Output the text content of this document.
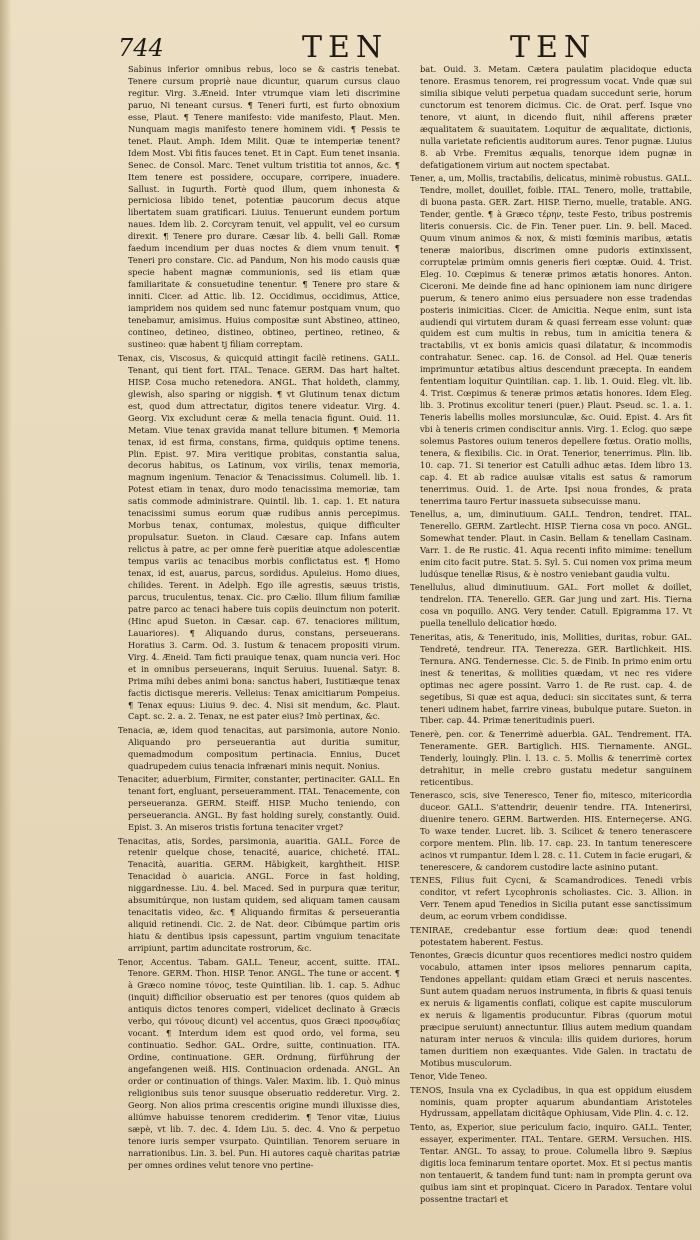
744	TEN	TEN

Sabinus inferior omnibus rebus, loco se & castris tenebat. Tenere cursum propriè naue dicuntur, quarum cursus clauo regitur. Virg. 3.Æneid. Inter vtrumque viam leti discrimine paruo, Ni teneant cursus. ¶ Teneri furti, est furto obnoxium esse, Plaut. ¶ Tenere manifesto: vide manifesto, Plaut. Men. Nunquam magis manifesto tenere hominem vidi. ¶ Pessis te tenet. Plaut. Amph. Idem Milit. Quæ te intemperiæ tenent? Idem Most. Vbi fitis fauces tenet. Et in Capt. Eum tenet insania. Senec. de Consol. Marc. Tenet vultum tristitia tot annos, &c. ¶ Item tenere est possidere, occupare, corripere, inuadere. Sallust. in Iugurth. Fortè quod illum, quem inhonesta & perniciosa libido tenet, potentiæ paucorum decus atque libertatem suam gratificari. Liuius. Tenuerunt eundem portum naues. Idem lib. 2. Corcyram tenuit, vel appulit, vel eo cursum direxit. ¶ Tenere pro durare. Cæsar lib. 4. belli Gall. Romæ faedum incendium per duas noctes & diem vnum tenuit. ¶ Teneri pro constare. Cic. ad Pandum, Non his modo causis quæ specie habent magnæ communionis, sed iis etiam quæ familiaritate & consuetudine tenentur. ¶ Tenere pro stare & inniti. Cicer. ad Attic. lib. 12. Occidimus, occidimus, Attice, iampridem nos quidem sed nunc fatemur postquam vnum, quo tenebamur, amisimus. Huius compositæ sunt Abstineo, attineo, contineo, detineo, distineo, obtineo, pertineo, retineo, & sustineo: quæ habent tj filiam correptam.

Tenax, cis, Viscosus, & quicquid attingit facilè retinens. GALL. Tenant, qui tient fort. ITAL. Tenace. GERM. Das hart haltet. HISP. Cosa mucho retenedora. ANGL. That holdeth, clammy, glewish, also sparing or niggish. ¶ vt Glutinum tenax dictum est, quod dum attrectatur, digitos tenere videatur. Virg. 4. Georg. Vix excludunt ceræ & mella tenacia figunt. Ouid. 11. Metam. Viue tenax gravida manat tellure bitumen. ¶ Memoria tenax, id est firma, constans, firma, quidquis optime tenens. Plin. Epist. 97. Mira veritique probitas, constantia salua, decorus habitus, os Latinum, vox virilis, tenax memoria, magnum ingenium. Tenacior & Tenacissimus. Columell. lib. 1. Potest etiam in tenax, duro modo tenacissima memoriæ, tam satis commode administrare. Quintil. lib. 1. cap. 1. Et natura tenacissimi sumus eorum quæ rudibus annis percepimus. Morbus tenax, contumax, molestus, quique difficulter propulsatur. Sueton. in Claud. Cæsare cap. Infans autem relictus à patre, ac per omne ferè pueritiæ atque adolescentiæ tempus variis ac tenacibus morbis conflictatus est. ¶ Homo tenax, id est, auarus, parcus, sordidus. Apuleius. Homo diues, chilides. Terent. in Adelph. Ego ille agrestis, sæuus tristis, parcus, truculentus, tenax. Cic. pro Cælio. Illum filium familiæ patre parco ac tenaci habere tuis copiis deuinctum non poterit. (Hinc apud Sueton. in Cæsar. cap. 67. tenaciores militum, Lauariores). ¶ Aliquando durus, constans, perseuerans. Horatius 3. Carm. Od. 3. Iustum & tenacem propositi virum. Virg. 4. Æneid. Tam ficti prauique tenax, quam nuncia veri. Hoc et in omnibus perseuerans, inquit Seruius. Iuuenal. Satyr. 8. Prima mihi debes animi bona: sanctus haberi, Iustitiæque tenax factis dictisque mereris. Velleius: Tenax amicitiarum Pompeius. ¶ Tenax equus: Liuius 9. dec. 4. Nisi sit mendum, &c. Plaut. Capt. sc. 2. a. 2. Tenax, ne est pater eius? Imò pertinax, &c.

Tenacia, æ, idem quod tenacitas, aut parsimonia, autore Nonio. Aliquando pro perseuerantia aut duritia sumitur, quemadmodum compositum pertinacia. Ennius, Ducet quadrupedem cuius tenacia infrænari minis nequit. Nonius.

Tenaciter, aduerbium, Firmiter, constanter, pertinaciter. GALL. En tenant fort, engluant, perseueramment. ITAL. Tenacemente, con perseueranza. GERM. Steiff. HISP. Mucho teniendo, con perseuerancia. ANGL. By fast holding surely, constantly. Ouid. Epist. 3. An miseros tristis fortuna tenaciter vrget?

Tenacitas, atis, Sordes, parsimonia, auaritia. GALL. Force de retenir quelque chose, tenacité, auarice, chicheté. ITAL. Tenacità, auaritia. GERM. Häbigkeit, karghtheit. HISP. Tenacidad ò auaricia. ANGL. Force in fast holding, niggardnesse. Liu. 4. bel. Maced. Sed in purpura quæ teritur, absumitúrque, non iustam quidem, sed aliquam tamen causam tenacitatis video, &c. ¶ Aliquando firmitas & perseuerantia aliquid retinendi. Cic. 2. de Nat. deor. Cibúmque partim oris hiatu & dentibus ipsis capessunt, partim vnguium tenacitate arripiunt, partim aduncitate rostrorum, &c.

Tenor, Accentus. Tabam. GALL. Teneur, accent, suitte. ITAL. Tenore. GERM. Thon. HISP. Tenor. ANGL. The tune or accent. ¶ à Græco nomine τόνος, teste Quintilian. lib. 1. cap. 5. Adhuc (inquit) difficilior obseruatio est per tenores (quos quidem ab antiquis dictos tenores comperi, videlicet declinato à Græcis verbo, qui τόνους dicunt) vel accentus, quos Græci προσῳδίας vocant. ¶ Interdum idem est quod ordo, vel forma, seu continuatio. Sedhor. GAL. Ordre, suitte, continuation. ITA. Ordine, continuatione. GER. Ordnung, fürführung der angefangenen weiß. HIS. Continuacion ordenada. ANGL. An order or continuation of things. Valer. Maxim. lib. 1. Quò minus religionibus suis tenor suusque obseruatio redderetur. Virg. 2. Georg. Non alios prima crescentis origine mundi illuxisse dies, aliúmve habuisse tenorem crediderim. ¶ Tenor vitæ, Liuius sæpè, vt lib. 7. dec. 4. Idem Liu. 5. dec. 4. Vno & perpetuo tenore iuris semper vsurpato. Quintilian. Tenorem seruare in narrationibus. Lin. 3. bel. Pun. Hi autores caquè charitas patriæ per omnes ordines velut tenore vno pertine-

bat. Ouid. 3. Metam. Cætera paulatim placidoque educta tenore. Erasmus tenorem, rei progressum vocat. Vnde quæ sui similia sibique veluti perpetua quadam succedunt serie, horum cunctorum est tenorem dicimus. Cic. de Orat. perf. Isque vno tenore, vt aiunt, in dicendo fluit, nihil afferens præter æqualitatem & suauitatem. Loquitur de æqualitate, dictionis, nulla varietate reficientis auditorum aures. Tenor pugnæ. Liuius 8. ab Vrbe. Fremitus æqualis, tenorque idem pugnæ in defatigationem virium aut noctem spectabat.

Tener, a, um, Mollis, tractabilis, delicatus, minimè robustus. GALL. Tendre, mollet, douillet, foible. ITAL. Tenero, molle, trattabile, di buona pasta. GER. Zart. HISP. Tierno, muelle, tratable. ANG. Tender, gentle. ¶ à Græco τέρην, teste Festo, tribus postremis literis conuersis. Cic. de Fin. Tener puer. Lin. 9. bell. Maced. Quum vinum animos & nox, & misti fœminis maribus, ætatis teneræ maioribus, discrimen omne pudoris extinxissent, corruptelæ primùm omnis generis fieri cœptæ. Ouid. 4. Trist. Eleg. 10. Cœpimus & teneræ primos ætatis honores. Anton. Ciceroni. Me deinde fine ad hanc opinionem iam nunc dirigere puerum, & tenero animo eius persuadere non esse tradendas posteris inimicitias. Cicer. de Amicitia. Neque enim, sunt ista audiendi qui virtutem duram & quasi ferream esse volunt: quæ quidem est cum multis in rebus, tum in amicitia tenera & tractabilis, vt ex bonis amicis quasi dilatatur, & incommodis contrahatur. Senec. cap. 16. de Consol. ad Hel. Quæ teneris imprimuntur ætatibus altius descendunt præcepta. In eandem fententiam loquitur Quintilian. cap. 1. lib. 1. Ouid. Eleg. vlt. lib. 4. Trist. Cœpimus & teneræ primos ætatis honores. Idem Eleg. lib. 3. Protinus excolitur teneri (puer.) Plaut. Pseud. sc. 1. a. 1. Teneris labellis molles morsiunculæ, &c. Ouid. Epist. 4. Ars fit vbi à teneris crimen condiscitur annis. Virg. 1. Eclog. quo sæpe solemus Pastores ouium teneros depellere fœtus. Oratio mollis, tenera, & flexibilis. Cic. in Orat. Tenerior, tenerrimus. Plin. lib. 10. cap. 71. Si tenerior est Catulli adhuc ætas. Idem libro 13. cap. 4. Et ab radice auulsæ vitalis est satus & ramorum tenerrimus. Ouid. 1. de Arte. Ipsi noua frondes, & prata tenerrima tauro Fertur inassueta subsecuisse manu.

Tenellus, a, um, diminutiuum. GALL. Tendron, tendret. ITAL. Tenerello. GERM. Zartlecht. HISP. Tierna cosa vn poco. ANGL. Somewhat tender. Plaut. in Casin. Bellam & tenellam Casinam. Varr. 1. de Re rustic. 41. Aqua recenti infito mimime: tenellum enim cito facit putre. Stat. 5. Syl. 5. Cui nomen vox prima meum ludúsque tenellæ Risus, & è nostro veniebant gaudia vultu.

Tenellulus, aliud diminutiuum. GAL. Fort mollet & doillet, tendrelon. ITA. Tenerello. GER. Gar jung und zart. His. Tierna cosa vn poquillo. ANG. Very tender. Catull. Epigramma 17. Vt puella tenellulo delicatior hœdo.

Teneritas, atis, & Teneritudo, inis, Mollities, duritas, robur. GAL. Tendreté, tendreur. ITA. Tenerezza. GER. Bartlichkeit. HIS. Ternura. ANG. Tendernesse. Cic. 5. de Finib. In primo enim ortu inest & teneritas, & mollities quædam, vt nec res videre optimas nec agere possint. Varro 1. de Re rust. cap. 4. de segetibus, Si quæ est aqua, deduci: sin siccitates sunt, & terra teneri udinem habet, farrire vineas, bubulque putare. Sueton. in Tiber. cap. 44. Primæ teneritudinis pueri.

Tenerè, pen. cor. & Tenerrimè aduerbia. GAL. Tendrement. ITA. Teneramente. GER. Bartiglich. HIS. Tiernamente. ANGL. Tenderly, louingly. Plin. l. 13. c. 5. Mollis & tenerrimè cortex detrahitur, in melle crebro gustatu medetur sanguinem reticentibus.

Tenerasco, scis, sive Teneresco, Tener fio, mitesco, mitericordia duceor. GALL. S'attendrir, deuenir tendre. ITA. Intenerirsi, diuenire tenero. GERM. Bartwerden. HIS. Enterneçerse. ANG. To waxe tender. Lucret. lib. 3. Scilicet & tenero tenerascere corpore mentem. Plin. lib. 17. cap. 23. In tantum tenerescere acinos vt rumpantur. Idem l. 28. c. 11. Cutem in facie erugari, & tenerescere, & candorem custodire lacte asinino putant.

TENES, Filius fuit Cycni, & Scamandrodices. Tenedi vrbis conditor, vt refert Lycophronis scholiastes. Cic. 3. Allion. in Verr. Tenem apud Tenedios in Sicilia putant esse sanctissimum deum, ac eorum vrbem condidisse.

TENIRAE, credebantur esse fortium deæ: quod tenendi potestatem haberent. Festus.

Tenontes, Græcis dicuntur quos recentiores medici nostro quidem vocabulo, attamen inter ipsos meliores pennarum capita, Tendones appellant: quidam etiam Græci et neruis nascentes. Sunt autem quadam neruos instrumenta, in fibris & quasi tenuis ex neruis & ligamentis conflati, colique est capite musculorum ex neruis & ligamentis producuntur. Fibras (quorum motui præcipue seruiunt) annectuntur. Illius autem medium quandam naturam inter neruos & vincula: illis quidem duriores, horum tamen duritiem non exæquantes. Vide Galen. in tractatu de Motibus musculorum.

Tenor, Vide Teneo.

TENOS, Insula vna ex Cycladibus, in qua est oppidum eiusdem nominis, quam propter aquarum abundantiam Aristoteles Hydrussam, appellatam dicitâque Ophiusam, Vide Plin. 4. c. 12.

Tento, as, Experior, siue periculum facio, inquiro. GALL. Tenter, essayer, experimenter. ITAL. Tentare. GERM. Versuchen. HIS. Tentar. ANGL. To assay, to proue. Columella libro 9. Sæpius digitis loca feminarum tentare oportet. Mox. Et si pectus mantis non tentauerit, & tandem fund tunt: nam in prompta gerunt ova quibus iam sint et propinquat. Cicero in Paradox. Tentare volui possentne tractari et
